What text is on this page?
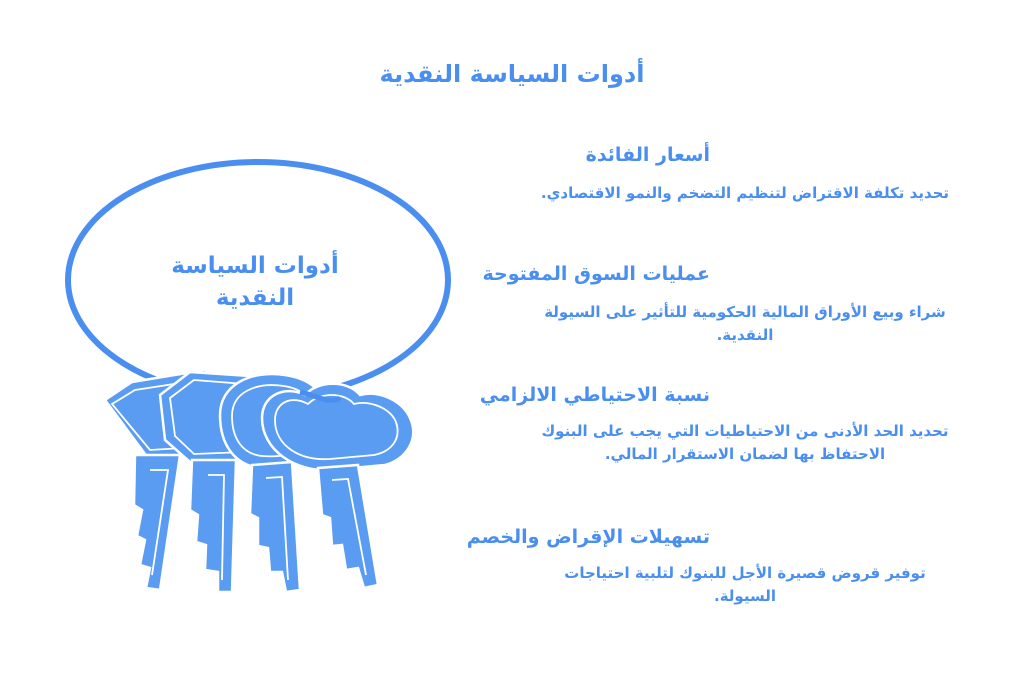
أدوات السياسة النقدية
أدوات السياسة النقدية
أسعار الفائدة
تحديد تكلفة الاقتراض لتنظيم التضخم والنمو الاقتصادي.
عمليات السوق المفتوحة
شراء وبيع الأوراق المالية الحكومية للتأثير على السيولة النقدية.
نسبة الاحتياطي الالزامي
تحديد الحد الأدنى من الاحتياطيات التي يجب على البنوك الاحتفاظ بها لضمان الاستقرار المالي.
تسهيلات الإقراض والخصم
توفير قروض قصيرة الأجل للبنوك لتلبية احتياجات السيولة.
